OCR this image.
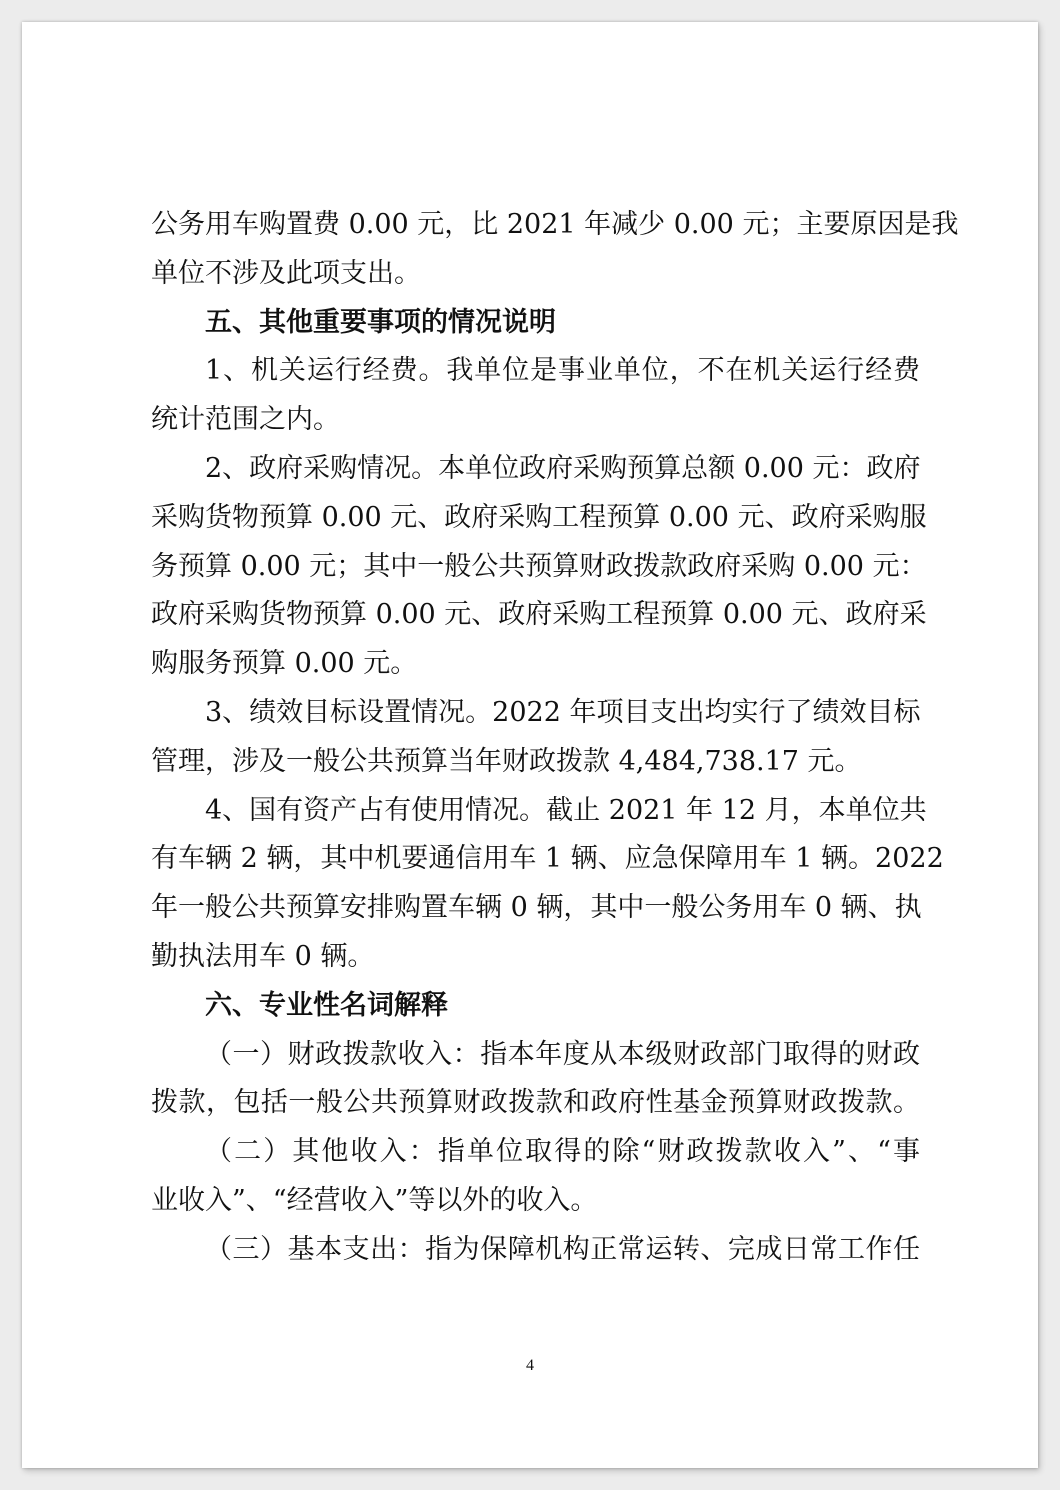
公务用车购置费 0.00 元，比 2021 年减少 0.00 元；主要原因是我
单位不涉及此项支出。
五、其他重要事项的情况说明
1、机关运行经费。我单位是事业单位，不在机关运行经费
统计范围之内。
2、政府采购情况。本单位政府采购预算总额 0.00 元：政府
采购货物预算 0.00 元、政府采购工程预算 0.00 元、政府采购服
务预算 0.00 元；其中一般公共预算财政拨款政府采购 0.00 元：
政府采购货物预算 0.00 元、政府采购工程预算 0.00 元、政府采
购服务预算 0.00 元。
3、绩效目标设置情况。2022 年项目支出均实行了绩效目标
管理，涉及一般公共预算当年财政拨款 4,484,738.17 元。
4、国有资产占有使用情况。截止 2021 年 12 月，本单位共
有车辆 2 辆，其中机要通信用车 1 辆、应急保障用车 1 辆。2022
年一般公共预算安排购置车辆 0 辆，其中一般公务用车 0 辆、执
勤执法用车 0 辆。
六、专业性名词解释
（一）财政拨款收入：指本年度从本级财政部门取得的财政
拨款，包括一般公共预算财政拨款和政府性基金预算财政拨款。
（二）其他收入：指单位取得的除“财政拨款收入”、“事
业收入”、“经营收入”等以外的收入。
（三）基本支出：指为保障机构正常运转、完成日常工作任
4
